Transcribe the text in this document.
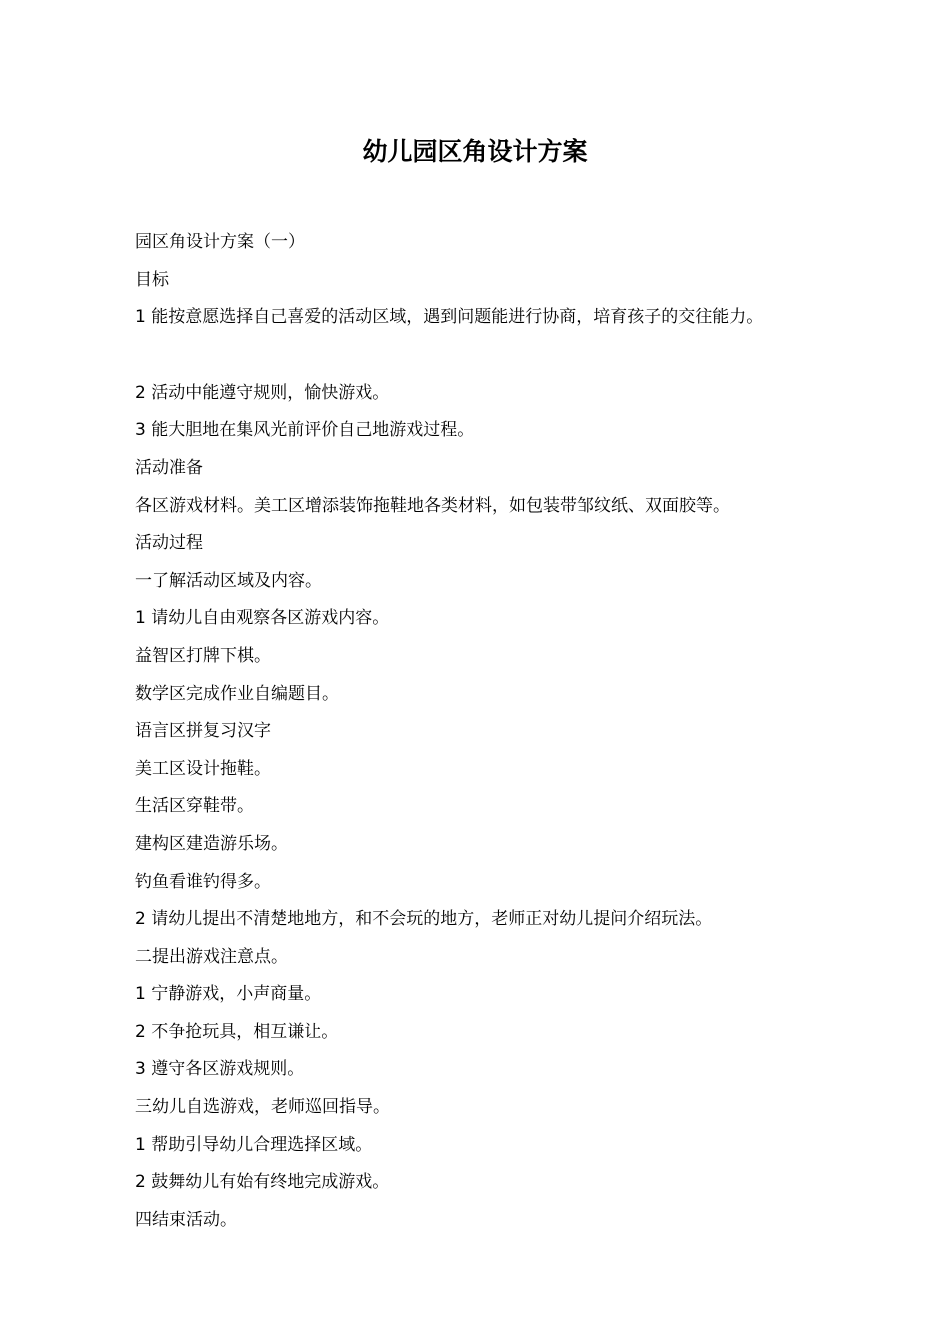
幼儿园区角设计方案

园区角设计方案（一）

目标

1 能按意愿选择自己喜爱的活动区域，遇到问题能进行协商，培育孩子的交往能力。

2 活动中能遵守规则，愉快游戏。

3 能大胆地在集风光前评价自己地游戏过程。

活动准备

各区游戏材料。美工区增添装饰拖鞋地各类材料，如包装带邹纹纸、双面胶等。

活动过程

一了解活动区域及内容。

1 请幼儿自由观察各区游戏内容。

益智区打牌下棋。

数学区完成作业自编题目。

语言区拼复习汉字

美工区设计拖鞋。

生活区穿鞋带。

建构区建造游乐场。

钓鱼看谁钓得多。

2 请幼儿提出不清楚地地方，和不会玩的地方，老师正对幼儿提问介绍玩法。

二提出游戏注意点。

1 宁静游戏，小声商量。

2 不争抢玩具，相互谦让。

3 遵守各区游戏规则。

三幼儿自选游戏，老师巡回指导。

1 帮助引导幼儿合理选择区域。

2 鼓舞幼儿有始有终地完成游戏。

四结束活动。
